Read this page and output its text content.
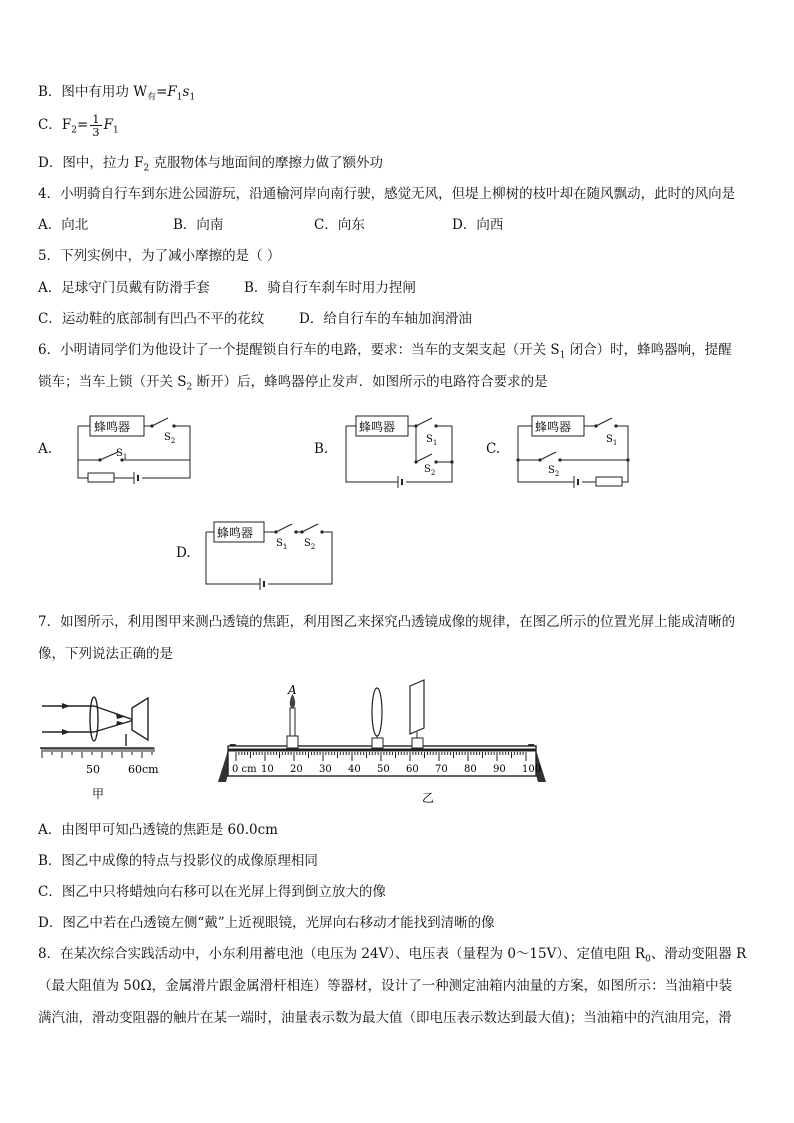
B．图中有用功 $W_有=F_1s_1$
C．$F_2= \frac{1}{3} F_1$
D．图中，拉力 $F_2$ 克服物体与地面间的摩擦力做了额外功
4．小明骑自行车到东进公园游玩，沿通榆河岸向南行驶，感觉无风，但堤上柳树的枝叶却在随风飘动，此时的风向是
A．向北	B．向南	C．向东	D．向西
5．下列实例中，为了减小摩擦的是（ ）
A．足球守门员戴有防滑手套	B．骑自行车刹车时用力捏闸
C．运动鞋的底部制有凹凸不平的花纹	D．给自行车的车轴加润滑油
6．小明请同学们为他设计了一个提醒锁自行车的电路，要求：当车的支架支起（开关 $S_1$ 闭合）时，蜂鸣器响，提醒
锁车；当车上锁（开关 $S_2$ 断开）后，蜂鸣器停止发声．如图所示的电路符合要求的是
A.
蜂鸣器
$S_2$
$S_1$	B.
蜂鸣器
$S_1$
$S_2$
C.
蜂鸣器
$S_1$
$S_2$
D.
蜂鸣器
$S_1$ $S_2$
7．如图所示，利用图甲来测凸透镜的焦距，利用图乙来探究凸透镜成像的规律，在图乙所示的位置光屏上能成清晰的
像，下列说法正确的是
50	60cm
甲
A
0 cm 10 20 30 40 50 60 70 80 90 100
乙
A．由图甲可知凸透镜的焦距是 60.0cm
B．图乙中成像的特点与投影仪的成像原理相同
C．图乙中只将蜡烛向右移可以在光屏上得到倒立放大的像
D．图乙中若在凸透镜左侧“戴”上近视眼镜，光屏向右移动才能找到清晰的像
8．在某次综合实践活动中，小东利用蓄电池（电压为 24V）、电压表（量程为 0～15V）、定值电阻 $R_0$、滑动变阻器 R
（最大阻值为 50Ω，金属滑片跟金属滑杆相连）等器材，设计了一种测定油箱内油量的方案，如图所示：当油箱中装
满汽油，滑动变阻器的触片在某一端时，油量表示数为最大值（即电压表示数达到最大值)；当油箱中的汽油用完，滑
